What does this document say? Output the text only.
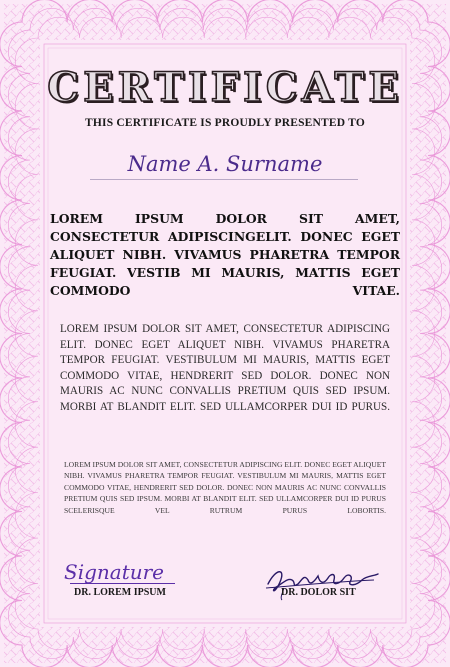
CERTIFICATE
THIS CERTIFICATE IS PROUDLY PRESENTED TO
Name A. Surname
LOREM IPSUM DOLOR SIT AMET, CONSECTETUR ADIPISCINGELIT. DONEC EGET ALIQUET NIBH. VIVAMUS PHARETRA TEMPOR FEUGIAT. VESTIB MI MAURIS, MATTIS EGET COMMODO VITAE.
LOREM IPSUM DOLOR SIT AMET, CONSECTETUR ADIPISCING ELIT. DONEC EGET ALIQUET NIBH. VIVAMUS PHARETRA TEMPOR FEUGIAT. VESTIBULUM MI MAURIS, MATTIS EGET COMMODO VITAE, HENDRERIT SED DOLOR. DONEC NON MAURIS AC NUNC CONVALLIS PRETIUM QUIS SED IPSUM. MORBI AT BLANDIT ELIT. SED ULLAMCORPER DUI ID PURUS.
LOREM IPSUM DOLOR SIT AMET, CONSECTETUR ADIPISCING ELIT. DONEC EGET ALIQUET NIBH. VIVAMUS PHARETRA TEMPOR FEUGIAT. VESTIBULUM MI MAURIS, MATTIS EGET COMMODO VITAE, HENDRERIT SED DOLOR. DONEC NON MAURIS AC NUNC CONVALLIS PRETIUM QUIS SED IPSUM. MORBI AT BLANDIT ELIT. SED ULLAMCORPER DUI ID PURUS SCELERISQUE VEL RUTRUM PURUS LOBORTIS.
Signature
DR. LOREM IPSUM	DR. DOLOR SIT
